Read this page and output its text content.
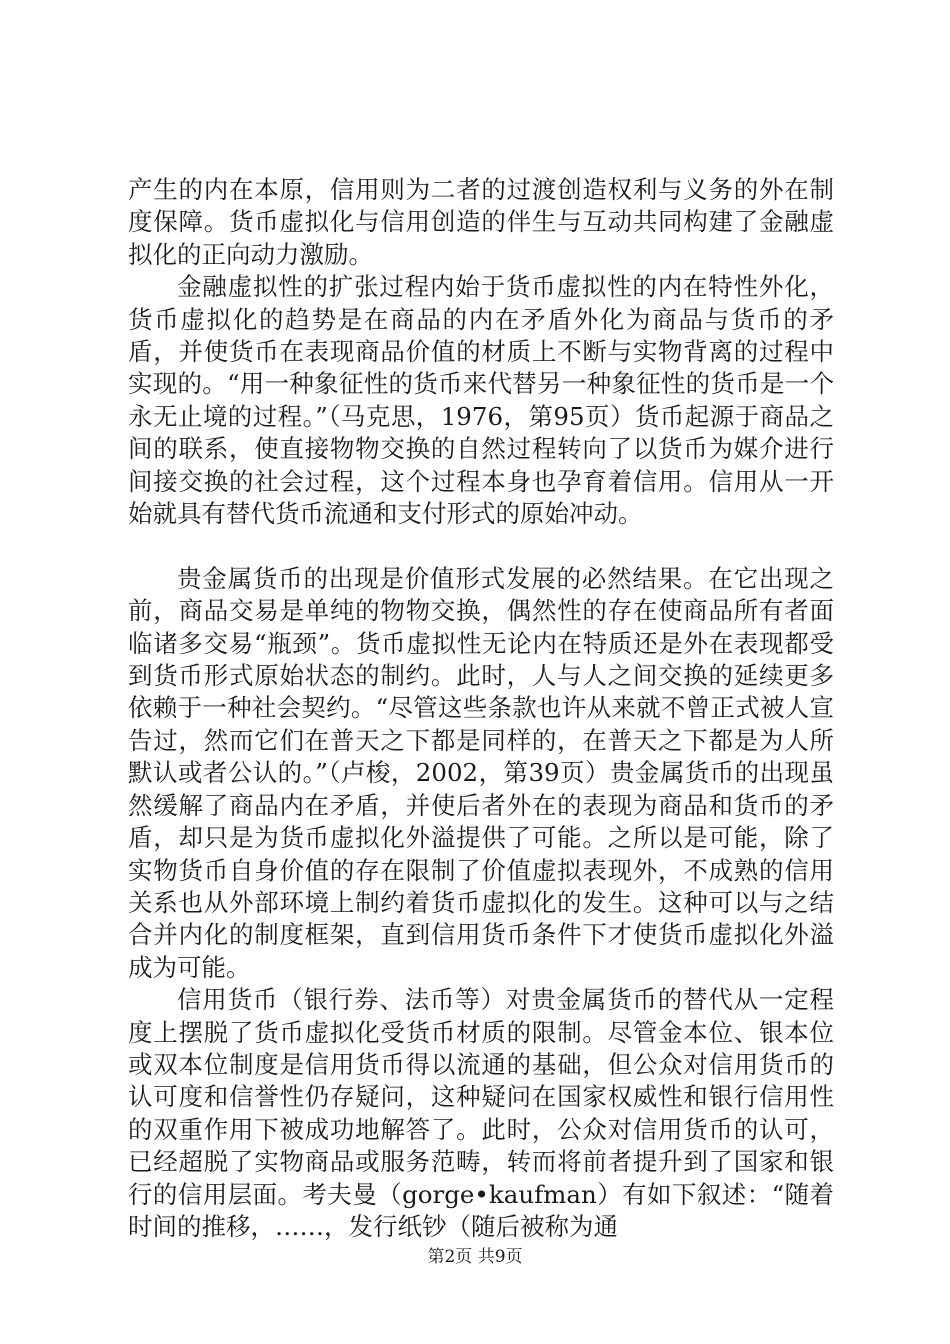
产生的内在本原，信用则为二者的过渡创造权利与义务的外在制度保障。货币虚拟化与信用创造的伴生与互动共同构建了金融虚拟化的正向动力激励。

金融虚拟性的扩张过程内始于货币虚拟性的内在特性外化，货币虚拟化的趋势是在商品的内在矛盾外化为商品与货币的矛盾，并使货币在表现商品价值的材质上不断与实物背离的过程中实现的。“用一种象征性的货币来代替另一种象征性的货币是一个永无止境的过程。”（马克思，1976，第95页）货币起源于商品之间的联系，使直接物物交换的自然过程转向了以货币为媒介进行间接交换的社会过程，这个过程本身也孕育着信用。信用从一开始就具有替代货币流通和支付形式的原始冲动。

贵金属货币的出现是价值形式发展的必然结果。在它出现之前，商品交易是单纯的物物交换，偶然性的存在使商品所有者面临诸多交易“瓶颈”。货币虚拟性无论内在特质还是外在表现都受到货币形式原始状态的制约。此时，人与人之间交换的延续更多依赖于一种社会契约。“尽管这些条款也许从来就不曾正式被人宣告过，然而它们在普天之下都是同样的，在普天之下都是为人所默认或者公认的。”（卢梭，2002，第39页）贵金属货币的出现虽然缓解了商品内在矛盾，并使后者外在的表现为商品和货币的矛盾，却只是为货币虚拟化外溢提供了可能。之所以是可能，除了实物货币自身价值的存在限制了价值虚拟表现外，不成熟的信用关系也从外部环境上制约着货币虚拟化的发生。这种可以与之结合并内化的制度框架，直到信用货币条件下才使货币虚拟化外溢成为可能。

信用货币（银行券、法币等）对贵金属货币的替代从一定程度上摆脱了货币虚拟化受货币材质的限制。尽管金本位、银本位或双本位制度是信用货币得以流通的基础，但公众对信用货币的认可度和信誉性仍存疑问，这种疑问在国家权威性和银行信用性的双重作用下被成功地解答了。此时，公众对信用货币的认可，已经超脱了实物商品或服务范畴，转而将前者提升到了国家和银行的信用层面。考夫曼（gorge•kaufman）有如下叙述：“随着时间的推移，……，发行纸钞（随后被称为通

第2页 共9页
